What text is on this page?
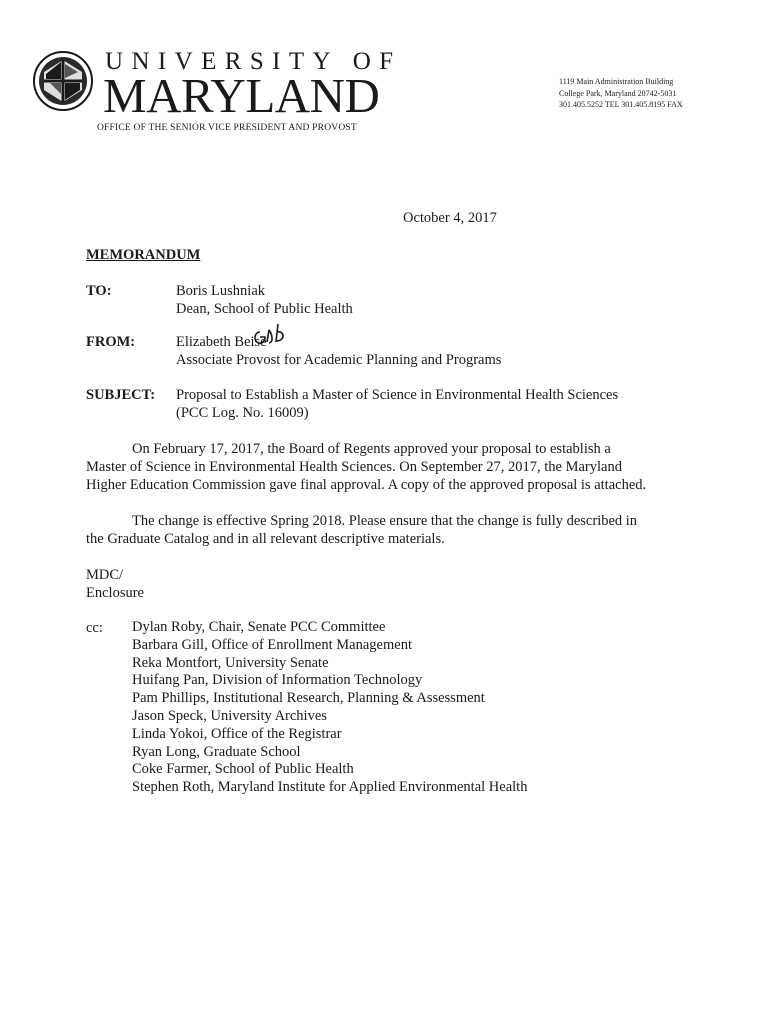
UNIVERSITY OF
MARYLAND
OFFICE OF THE SENIOR VICE PRESIDENT AND PROVOST
1119 Main Administration Building
College Park, Maryland 20742-5031
301.405.5252 TEL 301.405.8195 FAX
October 4, 2017
MEMORANDUM
TO:	Boris Lushniak
Dean, School of Public Health
FROM:	Elizabeth Beise
Associate Provost for Academic Planning and Programs
SUBJECT: Proposal to Establish a Master of Science in Environmental Health Sciences
(PCC Log. No. 16009)
On February 17, 2017, the Board of Regents approved your proposal to establish a
Master of Science in Environmental Health Sciences. On September 27, 2017, the Maryland
Higher Education Commission gave final approval. A copy of the approved proposal is attached.
The change is effective Spring 2018. Please ensure that the change is fully described in
the Graduate Catalog and in all relevant descriptive materials.
MDC/
Enclosure
cc: Dylan Roby, Chair, Senate PCC Committee
Barbara Gill, Office of Enrollment Management
Reka Montfort, University Senate
Huifang Pan, Division of Information Technology
Pam Phillips, Institutional Research, Planning & Assessment
Jason Speck, University Archives
Linda Yokoi, Office of the Registrar
Ryan Long, Graduate School
Coke Farmer, School of Public Health
Stephen Roth, Maryland Institute for Applied Environmental Health
